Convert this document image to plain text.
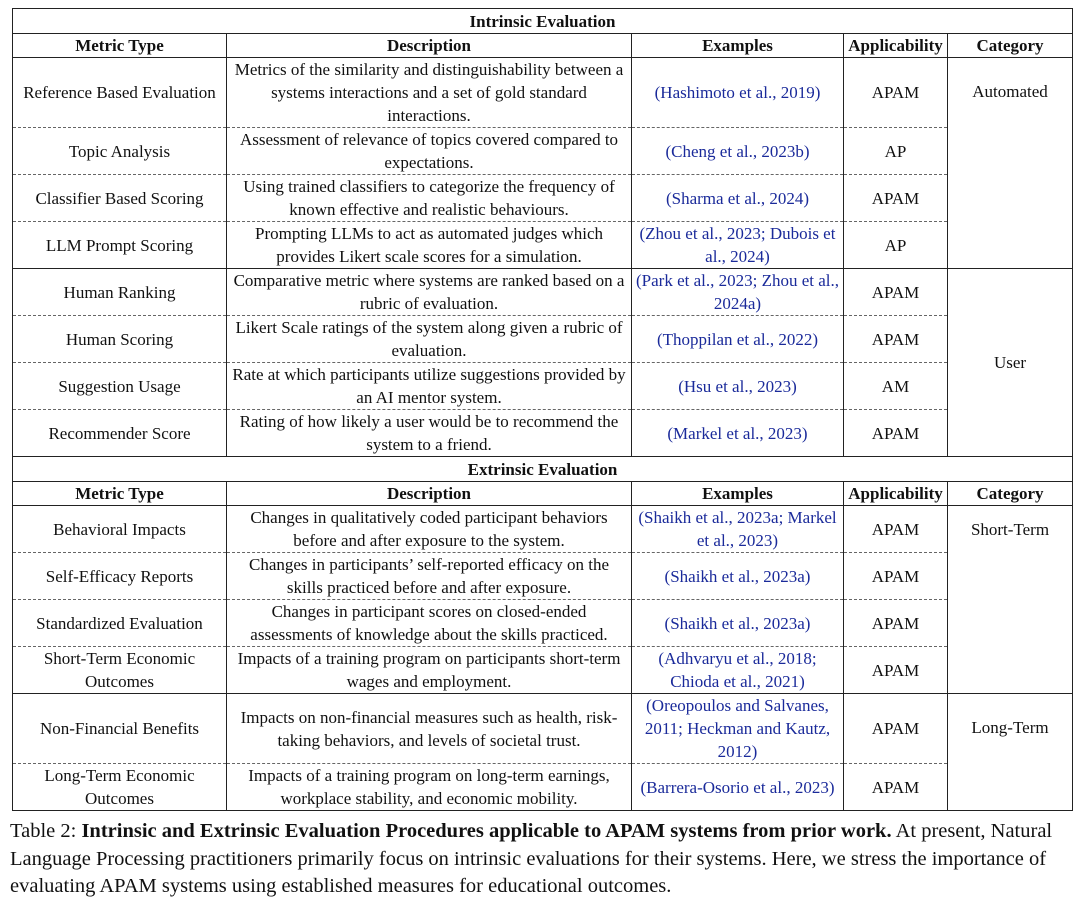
Intrinsic Evaluation				
Metric Type	Description	Examples	Applicability	Category
Reference Based Evaluation	Metrics of the similarity and distinguishability between a systems interactions and a set of gold standard interactions.	(Hashimoto et al., 2019)	APAM	Automated
Topic Analysis	Assessment of relevance of topics covered compared to expectations.	(Cheng et al., 2023b)	AP	
Classifier Based Scoring	Using trained classifiers to categorize the frequency of known effective and realistic behaviours.	(Sharma et al., 2024)	APAM	
LLM Prompt Scoring	Prompting LLMs to act as automated judges which provides Likert scale scores for a simulation.	(Zhou et al., 2023; Dubois et al., 2024)	AP	
Human Ranking	Comparative metric where systems are ranked based on a rubric of evaluation.	(Park et al., 2023; Zhou et al., 2024a)	APAM	User
Human Scoring	Likert Scale ratings of the system along given a rubric of evaluation.	(Thoppilan et al., 2022)	APAM	
Suggestion Usage	Rate at which participants utilize suggestions provided by an AI mentor system.	(Hsu et al., 2023)	AM	
Recommender Score	Rating of how likely a user would be to recommend the system to a friend.	(Markel et al., 2023)	APAM	
Extrinsic Evaluation				
Metric Type	Description	Examples	Applicability	Category
Behavioral Impacts	Changes in qualitatively coded participant behaviors before and after exposure to the system.	(Shaikh et al., 2023a; Markel et al., 2023)	APAM	Short-Term
Self-Efficacy Reports	Changes in participants’ self-reported efficacy on the skills practiced before and after exposure.	(Shaikh et al., 2023a)	APAM	
Standardized Evaluation	Changes in participant scores on closed-ended assessments of knowledge about the skills practiced.	(Shaikh et al., 2023a)	APAM	
Short-Term Economic Outcomes	Impacts of a training program on participants short-term wages and employment.	(Adhvaryu et al., 2018; Chioda et al., 2021)	APAM	
Non-Financial Benefits	Impacts on non-financial measures such as health, risk-taking behaviors, and levels of societal trust.	(Oreopoulos and Salvanes, 2011; Heckman and Kautz, 2012)	APAM	Long-Term
Long-Term Economic Outcomes	Impacts of a training program on long-term earnings, workplace stability, and economic mobility.	(Barrera-Osorio et al., 2023)	APAM	
Table 2: Intrinsic and Extrinsic Evaluation Procedures applicable to APAM systems from prior work. At present, Natural Language Processing practitioners primarily focus on intrinsic evaluations for their systems. Here, we stress the importance of evaluating APAM systems using established measures for educational outcomes.
